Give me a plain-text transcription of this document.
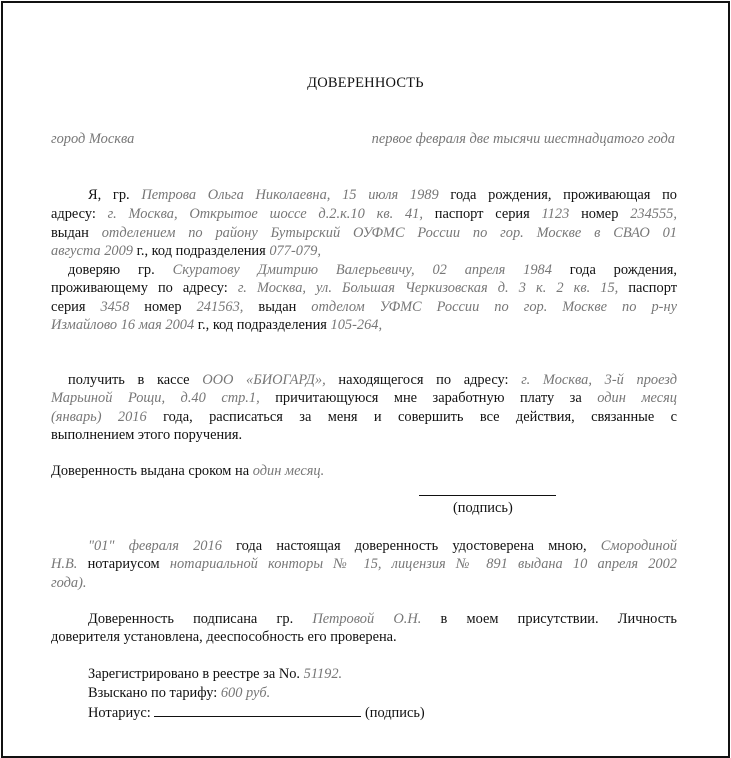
ДОВЕРЕННОСТЬ
город Москва	первое февраля две тысячи шестнадцатого года
Я, гр. Петрова Ольга Николаевна, 15 июля 1989 года рождения, проживающая по
адресу: г. Москва, Открытое шоссе д.2.к.10 кв. 41, паспорт серия 1123 номер 234555,
выдан отделением по району Бутырский ОУФМС России по гор. Москве в СВАО 01
августа 2009 г., код подразделения 077-079,
доверяю гр. Скуратову Дмитрию Валерьевичу, 02 апреля 1984 года рождения,
проживающему по адресу: г. Москва, ул. Большая Черкизовская д. 3 к. 2 кв. 15, паспорт
серия 3458 номер 241563, выдан отделом УФМС России по гор. Москве по р-ну
Измайлово 16 мая 2004 г., код подразделения 105-264,
получить в кассе ООО «БИОГАРД», находящегося по адресу: г. Москва, 3-й проезд
Марьиной Рощи, д.40 стр.1, причитающуюся мне заработную плату за один месяц
(январь) 2016 года, расписаться за меня и совершить все действия, связанные с
выполнением этого поручения.
Доверенность выдана сроком на один месяц.
(подпись)
"01" февраля 2016 года настоящая доверенность удостоверена мною, Смородиной
Н.В. нотариусом нотариальной конторы № 15, лицензия № 891 выдана 10 апреля 2002
года).
Доверенность подписана гр. Петровой О.Н. в моем присутствии. Личность
доверителя установлена, дееспособность его проверена.
Зарегистрировано в реестре за No. 51192.
Взыскано по тарифу: 600 руб.
Нотариус:	(подпись)
